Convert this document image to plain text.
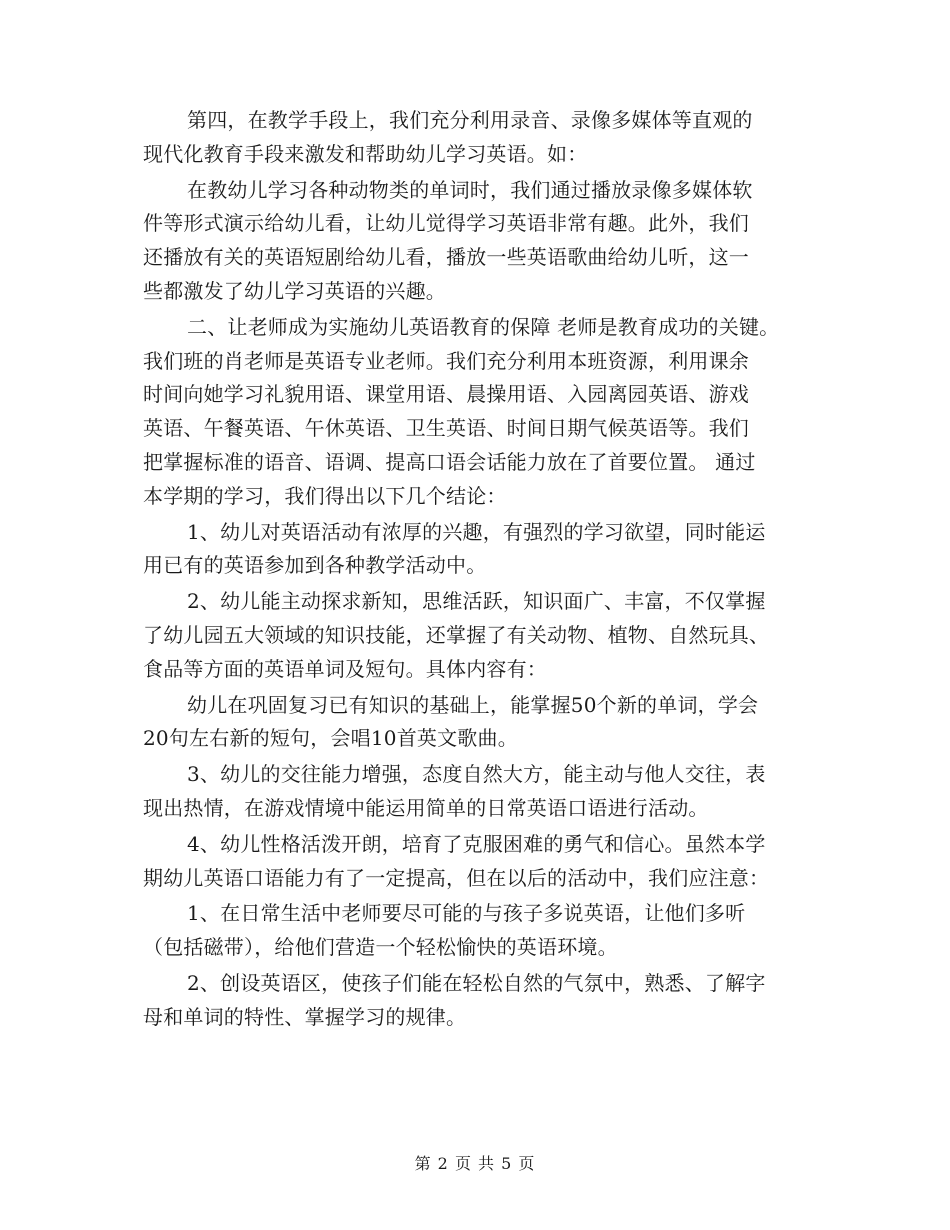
第四，在教学手段上，我们充分利用录音、录像多媒体等直观的
现代化教育手段来激发和帮助幼儿学习英语。如：
在教幼儿学习各种动物类的单词时，我们通过播放录像多媒体软
件等形式演示给幼儿看，让幼儿觉得学习英语非常有趣。此外，我们
还播放有关的英语短剧给幼儿看，播放一些英语歌曲给幼儿听，这一
些都激发了幼儿学习英语的兴趣。
二、让老师成为实施幼儿英语教育的保障 老师是教育成功的关键。
我们班的肖老师是英语专业老师。我们充分利用本班资源，利用课余
时间向她学习礼貌用语、课堂用语、晨操用语、入园离园英语、游戏
英语、午餐英语、午休英语、卫生英语、时间日期气候英语等。我们
把掌握标准的语音、语调、提高口语会话能力放在了首要位置。 通过
本学期的学习，我们得出以下几个结论：
1、幼儿对英语活动有浓厚的兴趣，有强烈的学习欲望，同时能运
用已有的英语参加到各种教学活动中。
2、幼儿能主动探求新知，思维活跃，知识面广、丰富，不仅掌握
了幼儿园五大领域的知识技能，还掌握了有关动物、植物、自然玩具、
食品等方面的英语单词及短句。具体内容有：
幼儿在巩固复习已有知识的基础上，能掌握50个新的单词，学会
20句左右新的短句，会唱10首英文歌曲。
3、幼儿的交往能力增强，态度自然大方，能主动与他人交往，表
现出热情，在游戏情境中能运用简单的日常英语口语进行活动。
4、幼儿性格活泼开朗，培育了克服困难的勇气和信心。虽然本学
期幼儿英语口语能力有了一定提高，但在以后的活动中，我们应注意：
1、在日常生活中老师要尽可能的与孩子多说英语，让他们多听
（包括磁带），给他们营造一个轻松愉快的英语环境。
2、创设英语区，使孩子们能在轻松自然的气氛中，熟悉、了解字
母和单词的特性、掌握学习的规律。
第 2 页 共 5 页
